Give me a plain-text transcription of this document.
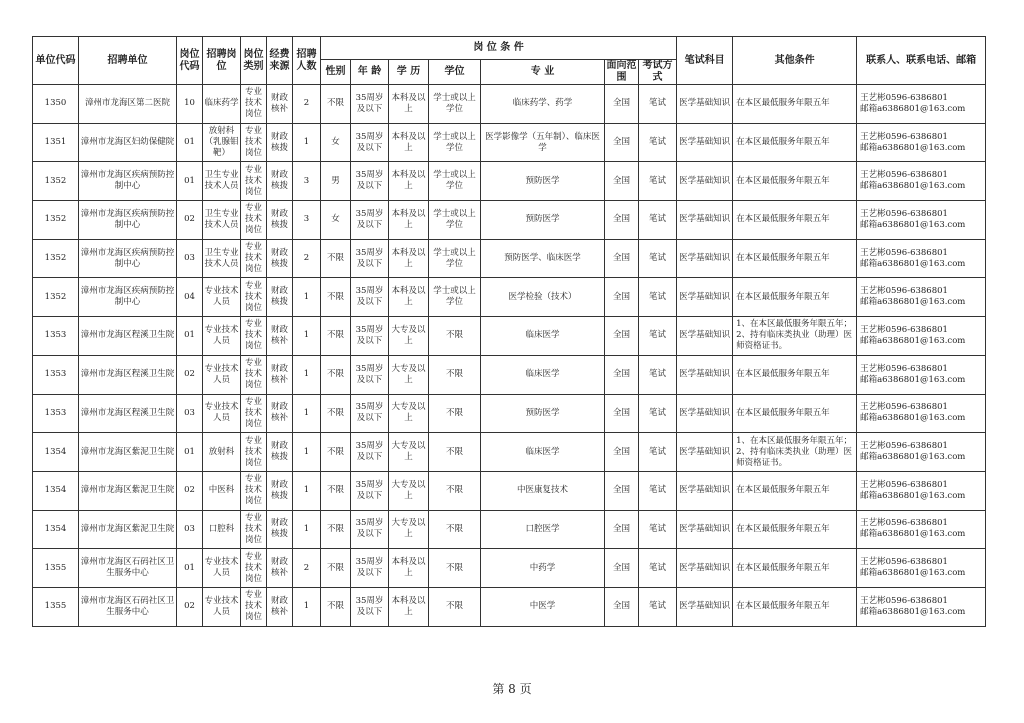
单位代码	招聘单位	岗位代码	招聘岗位	岗位类别	经费来源	招聘人数	岗 位 条 件							笔试科目	其他条件	联系人、联系电话、邮箱
							性别	年 龄	学 历	学位	专 业	面向范围	考试方式			
1350	漳州市龙海区第二医院	10	临床药学	专业技术岗位	财政核补	2	不限	35周岁及以下	本科及以上	学士或以上学位	临床药学、药学	全国	笔试	医学基础知识	在本区最低服务年限五年	王艺彬0596-6386801
邮箱a6386801@163.com

1351	漳州市龙海区妇幼保健院	01	放射科（乳腺钼靶）	专业技术岗位	财政核拨	1	女	35周岁及以下	本科及以上	学士或以上学位	医学影像学（五年制）、临床医学	全国	笔试	医学基础知识	在本区最低服务年限五年	王艺彬0596-6386801
邮箱a6386801@163.com

1352	漳州市龙海区疾病预防控制中心	01	卫生专业技术人员	专业技术岗位	财政核拨	3	男	35周岁及以下	本科及以上	学士或以上学位	预防医学	全国	笔试	医学基础知识	在本区最低服务年限五年	王艺彬0596-6386801
邮箱a6386801@163.com

1352	漳州市龙海区疾病预防控制中心	02	卫生专业技术人员	专业技术岗位	财政核拨	3	女	35周岁及以下	本科及以上	学士或以上学位	预防医学	全国	笔试	医学基础知识	在本区最低服务年限五年	王艺彬0596-6386801
邮箱a6386801@163.com

1352	漳州市龙海区疾病预防控制中心	03	卫生专业技术人员	专业技术岗位	财政核拨	2	不限	35周岁及以下	本科及以上	学士或以上学位	预防医学、临床医学	全国	笔试	医学基础知识	在本区最低服务年限五年	王艺彬0596-6386801
邮箱a6386801@163.com

1352	漳州市龙海区疾病预防控制中心	04	专业技术人员	专业技术岗位	财政核拨	1	不限	35周岁及以下	本科及以上	学士或以上学位	医学检验（技术）	全国	笔试	医学基础知识	在本区最低服务年限五年	王艺彬0596-6386801
邮箱a6386801@163.com

1353	漳州市龙海区程溪卫生院	01	专业技术人员	专业技术岗位	财政核补	1	不限	35周岁及以下	大专及以上	不限	临床医学	全国	笔试	医学基础知识	1、在本区最低服务年限五年；2、持有临床类执业（助理）医师资格证书。	王艺彬0596-6386801
邮箱a6386801@163.com

1353	漳州市龙海区程溪卫生院	02	专业技术人员	专业技术岗位	财政核补	1	不限	35周岁及以下	大专及以上	不限	临床医学	全国	笔试	医学基础知识	在本区最低服务年限五年	王艺彬0596-6386801
邮箱a6386801@163.com

1353	漳州市龙海区程溪卫生院	03	专业技术人员	专业技术岗位	财政核补	1	不限	35周岁及以下	大专及以上	不限	预防医学	全国	笔试	医学基础知识	在本区最低服务年限五年	王艺彬0596-6386801
邮箱a6386801@163.com

1354	漳州市龙海区紫泥卫生院	01	放射科	专业技术岗位	财政核拨	1	不限	35周岁及以下	大专及以上	不限	临床医学	全国	笔试	医学基础知识	1、在本区最低服务年限五年；2、持有临床类执业（助理）医师资格证书。	王艺彬0596-6386801
邮箱a6386801@163.com

1354	漳州市龙海区紫泥卫生院	02	中医科	专业技术岗位	财政核拨	1	不限	35周岁及以下	大专及以上	不限	中医康复技术	全国	笔试	医学基础知识	在本区最低服务年限五年	王艺彬0596-6386801
邮箱a6386801@163.com

1354	漳州市龙海区紫泥卫生院	03	口腔科	专业技术岗位	财政核拨	1	不限	35周岁及以下	大专及以上	不限	口腔医学	全国	笔试	医学基础知识	在本区最低服务年限五年	王艺彬0596-6386801
邮箱a6386801@163.com

1355	漳州市龙海区石码社区卫生服务中心	01	专业技术人员	专业技术岗位	财政核补	2	不限	35周岁及以下	本科及以上	不限	中药学	全国	笔试	医学基础知识	在本区最低服务年限五年	王艺彬0596-6386801
邮箱a6386801@163.com

1355	漳州市龙海区石码社区卫生服务中心	02	专业技术人员	专业技术岗位	财政核补	1	不限	35周岁及以下	本科及以上	不限	中医学	全国	笔试	医学基础知识	在本区最低服务年限五年	王艺彬0596-6386801
邮箱a6386801@163.com
第 8 页
